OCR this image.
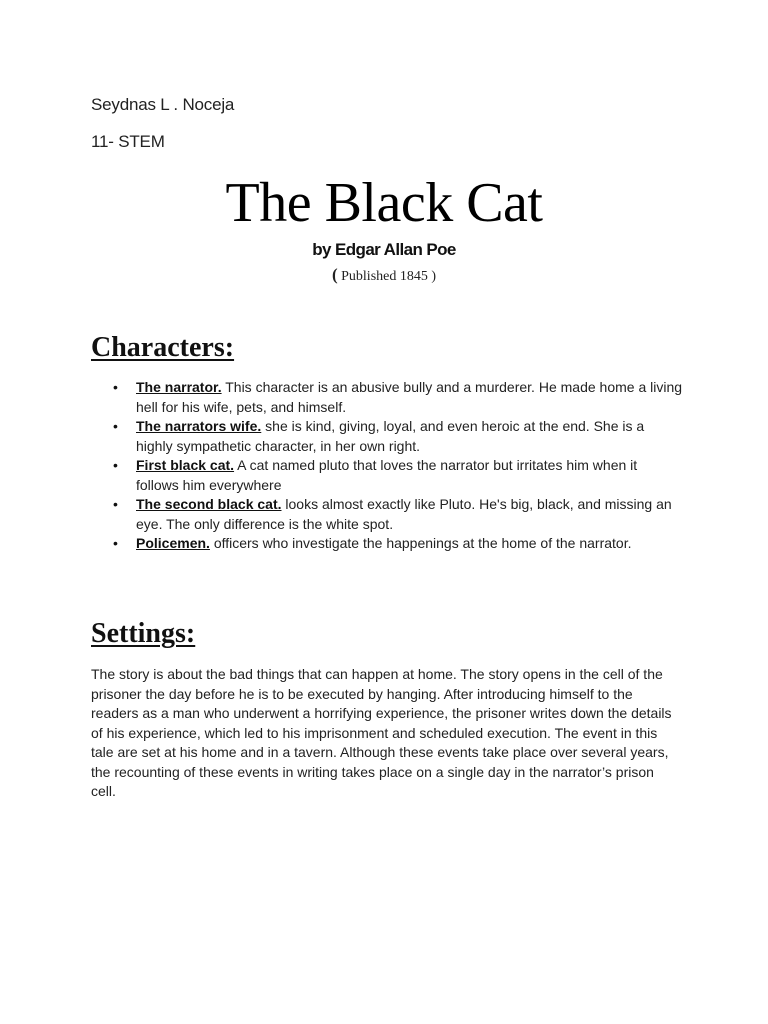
Seydnas L . Noceja
11- STEM
The Black Cat
by Edgar Allan Poe
( Published 1845 )
Characters:
• The narrator. This character is an abusive bully and a murderer. He made home a living hell for his wife, pets, and himself.
• The narrators wife. she is kind, giving, loyal, and even heroic at the end. She is a highly sympathetic character, in her own right.
• First black cat. A cat named pluto that loves the narrator but irritates him when it follows him everywhere
• The second black cat. looks almost exactly like Pluto. He's big, black, and missing an eye. The only difference is the white spot.
• Policemen. officers who investigate the happenings at the home of the narrator.
Settings:

The story is about the bad things that can happen at home. The story opens in the cell of the prisoner the day before he is to be executed by hanging. After introducing himself to the readers as a man who underwent a horrifying experience, the prisoner writes down the details of his experience, which led to his imprisonment and scheduled execution. The event in this tale are set at his home and in a tavern. Although these events take place over several years, the recounting of these events in writing takes place on a single day in the narrator’s prison cell.
